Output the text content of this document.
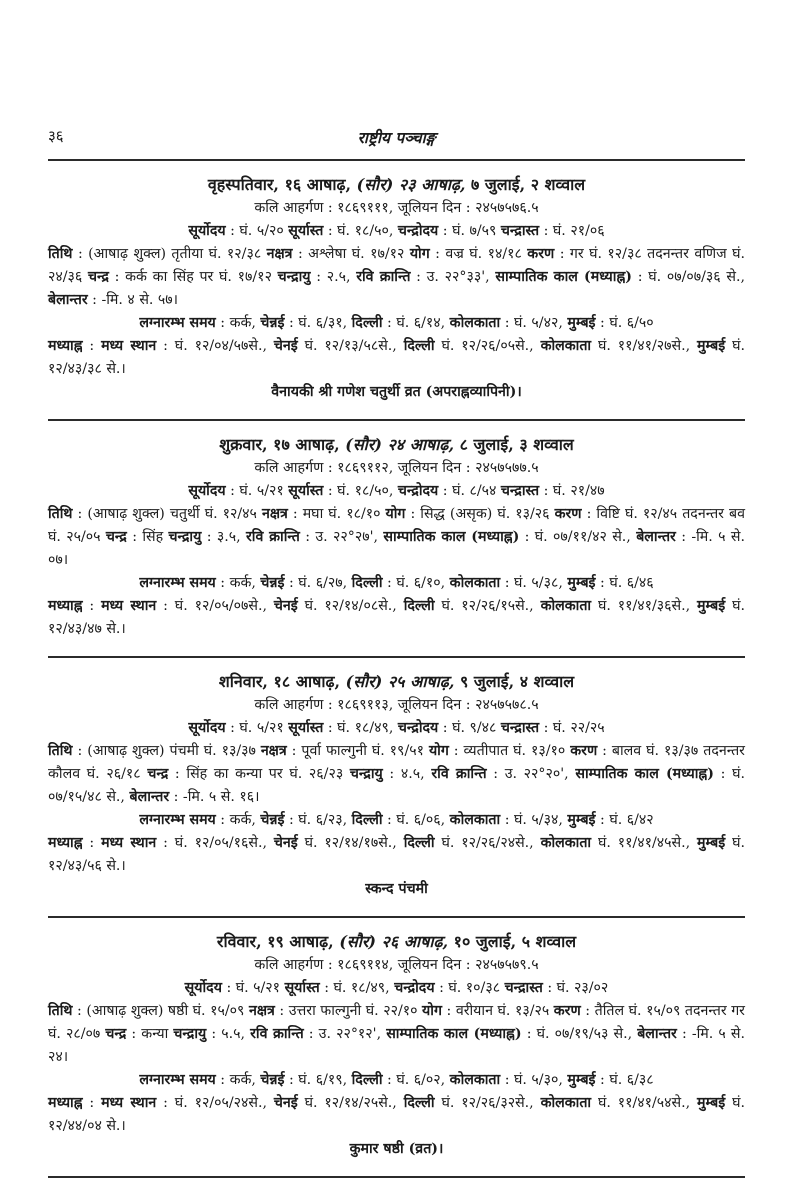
३६	राष्ट्रीय पञ्चाङ्ग
वृहस्पतिवार, १६ आषाढ़, (सौर) २३ आषाढ़, ७ जुलाई, २ शव्वाल
कलि आहर्गण : १८६९१११, जूलियन दिन : २४५७५७६.५
सूर्योदय : घं. ५/२० सूर्यास्त : घं. १८/५०, चन्द्रोदय : घं. ७/५९ चन्द्रास्त : घं. २१/०६
तिथि : (आषाढ़ शुक्ल) तृतीया घं. १२/३८ नक्षत्र : अश्लेषा घं. १७/१२ योग : वज्र घं. १४/१८ करण : गर घं. १२/३८ तदनन्तर वणिज घं. २४/३६ चन्द्र : कर्क का सिंह पर घं. १७/१२ चन्द्रायु : २.५, रवि क्रान्ति : उ. २२°३३', साम्पातिक काल (मध्याह्न) : घं. ०७/०७/३६ से., बेलान्तर : -मि. ४ से. ५७।
लग्नारम्भ समय : कर्क, चेन्नई : घं. ६/३१, दिल्ली : घं. ६/१४, कोलकाता : घं. ५/४२, मुम्बई : घं. ६/५०
मध्याह्न : मध्य स्थान : घं. १२/०४/५७से., चेनई घं. १२/१३/५८से., दिल्ली घं. १२/२६/०५से., कोलकाता घं. ११/४१/२७से., मुम्बई घं. १२/४३/३८ से.।
वैनायकी श्री गणेश चतुर्थी व्रत (अपराह्नव्यापिनी)।
शुक्रवार, १७ आषाढ़, (सौर) २४ आषाढ़, ८ जुलाई, ३ शव्वाल
कलि आहर्गण : १८६९११२, जूलियन दिन : २४५७५७७.५
सूर्योदय : घं. ५/२१ सूर्यास्त : घं. १८/५०, चन्द्रोदय : घं. ८/५४ चन्द्रास्त : घं. २१/४७
तिथि : (आषाढ़ शुक्ल) चतुर्थी घं. १२/४५ नक्षत्र : मघा घं. १८/१० योग : सिद्ध (असृक) घं. १३/२६ करण : विष्टि घं. १२/४५ तदनन्तर बव घं. २५/०५ चन्द्र : सिंह चन्द्रायु : ३.५, रवि क्रान्ति : उ. २२°२७', साम्पातिक काल (मध्याह्न) : घं. ०७/११/४२ से., बेलान्तर : -मि. ५ से. ०७।
लग्नारम्भ समय : कर्क, चेन्नई : घं. ६/२७, दिल्ली : घं. ६/१०, कोलकाता : घं. ५/३८, मुम्बई : घं. ६/४६
मध्याह्न : मध्य स्थान : घं. १२/०५/०७से., चेनई घं. १२/१४/०८से., दिल्ली घं. १२/२६/१५से., कोलकाता घं. ११/४१/३६से., मुम्बई घं. १२/४३/४७ से.।
शनिवार, १८ आषाढ़, (सौर) २५ आषाढ़, ९ जुलाई, ४ शव्वाल
कलि आहर्गण : १८६९११३, जूलियन दिन : २४५७५७८.५
सूर्योदय : घं. ५/२१ सूर्यास्त : घं. १८/४९, चन्द्रोदय : घं. ९/४८ चन्द्रास्त : घं. २२/२५
तिथि : (आषाढ़ शुक्ल) पंचमी घं. १३/३७ नक्षत्र : पूर्वा फाल्गुनी घं. १९/५१ योग : व्यतीपात घं. १३/१० करण : बालव घं. १३/३७ तदनन्तर कौलव घं. २६/१८ चन्द्र : सिंह का कन्या पर घं. २६/२३ चन्द्रायु : ४.५, रवि क्रान्ति : उ. २२°२०', साम्पातिक काल (मध्याह्न) : घं. ०७/१५/४८ से., बेलान्तर : -मि. ५ से. १६।
लग्नारम्भ समय : कर्क, चेन्नई : घं. ६/२३, दिल्ली : घं. ६/०६, कोलकाता : घं. ५/३४, मुम्बई : घं. ६/४२
मध्याह्न : मध्य स्थान : घं. १२/०५/१६से., चेनई घं. १२/१४/१७से., दिल्ली घं. १२/२६/२४से., कोलकाता घं. ११/४१/४५से., मुम्बई घं. १२/४३/५६ से.।
स्कन्द पंचमी
रविवार, १९ आषाढ़, (सौर) २६ आषाढ़, १० जुलाई, ५ शव्वाल
कलि आहर्गण : १८६९११४, जूलियन दिन : २४५७५७९.५
सूर्योदय : घं. ५/२१ सूर्यास्त : घं. १८/४९, चन्द्रोदय : घं. १०/३८ चन्द्रास्त : घं. २३/०२
तिथि : (आषाढ़ शुक्ल) षष्ठी घं. १५/०९ नक्षत्र : उत्तरा फाल्गुनी घं. २२/१० योग : वरीयान घं. १३/२५ करण : तैतिल घं. १५/०९ तदनन्तर गर घं. २८/०७ चन्द्र : कन्या चन्द्रायु : ५.५, रवि क्रान्ति : उ. २२°१२', साम्पातिक काल (मध्याह्न) : घं. ०७/१९/५३ से., बेलान्तर : -मि. ५ से. २४।
लग्नारम्भ समय : कर्क, चेन्नई : घं. ६/१९, दिल्ली : घं. ६/०२, कोलकाता : घं. ५/३०, मुम्बई : घं. ६/३८
मध्याह्न : मध्य स्थान : घं. १२/०५/२४से., चेनई घं. १२/१४/२५से., दिल्ली घं. १२/२६/३२से., कोलकाता घं. ११/४१/५४से., मुम्बई घं. १२/४४/०४ से.।
कुमार षष्ठी (व्रत)।
